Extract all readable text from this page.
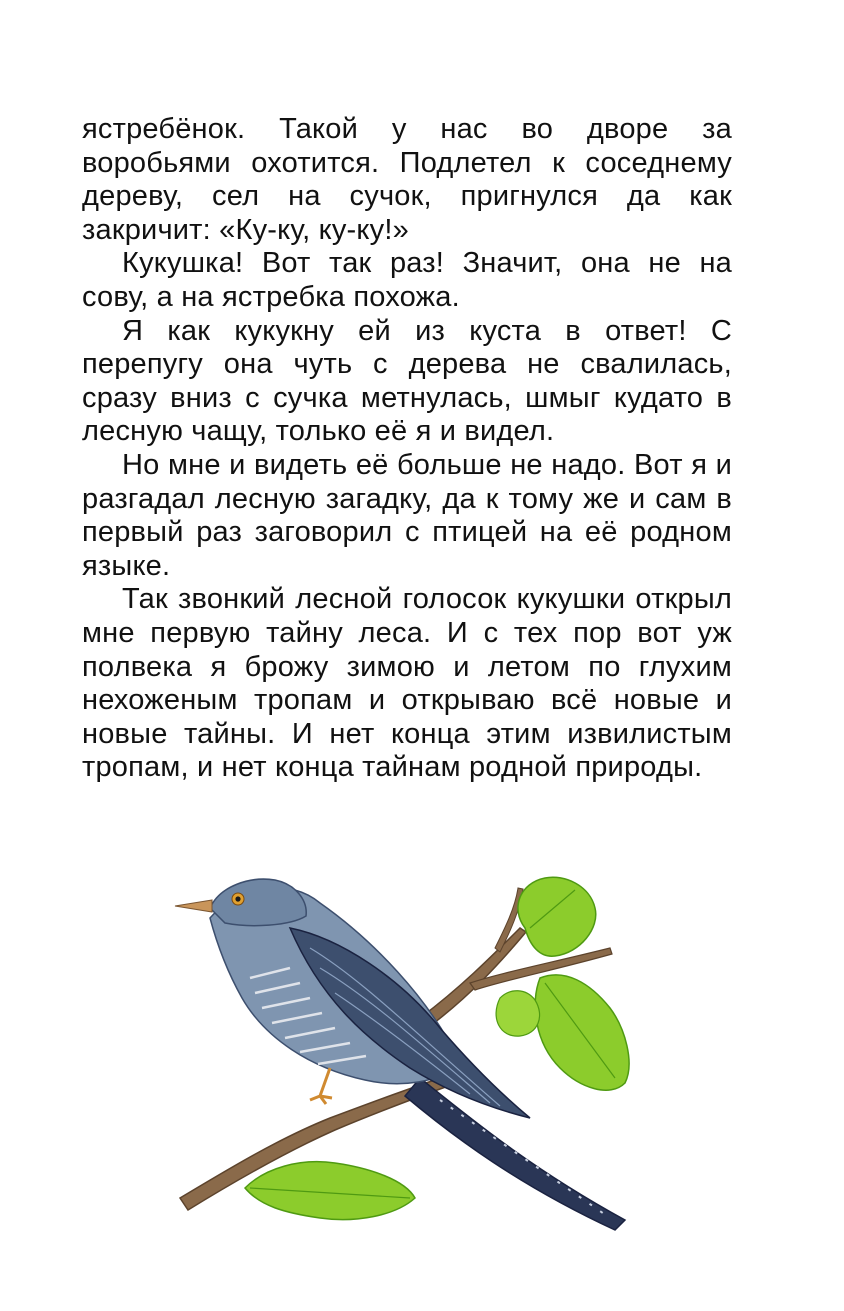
ястребёнок. Такой у нас во дворе за воробьями охотится. Подлетел к соседнему дереву, сел на сучок, пригнулся да как закричит: «Ку-ку, ку-ку!»

Кукушка! Вот так раз! Значит, она не на сову, а на ястребка похожа.

Я как кукукну ей из куста в ответ! С перепугу она чуть с дерева не свалилась, сразу вниз с сучка метнулась, шмыг кудато в лесную чащу, только её я и видел.

Но мне и видеть её больше не надо. Вот я и разгадал лесную загадку, да к тому же и сам в первый раз заговорил с птицей на её родном языке.

Так звонкий лесной голосок кукушки открыл мне первую тайну леса. И с тех пор вот уж полвека я брожу зимою и летом по глухим нехоженым тропам и открываю всё новые и новые тайны. И нет конца этим извилистым тропам, и нет конца тайнам родной природы.
